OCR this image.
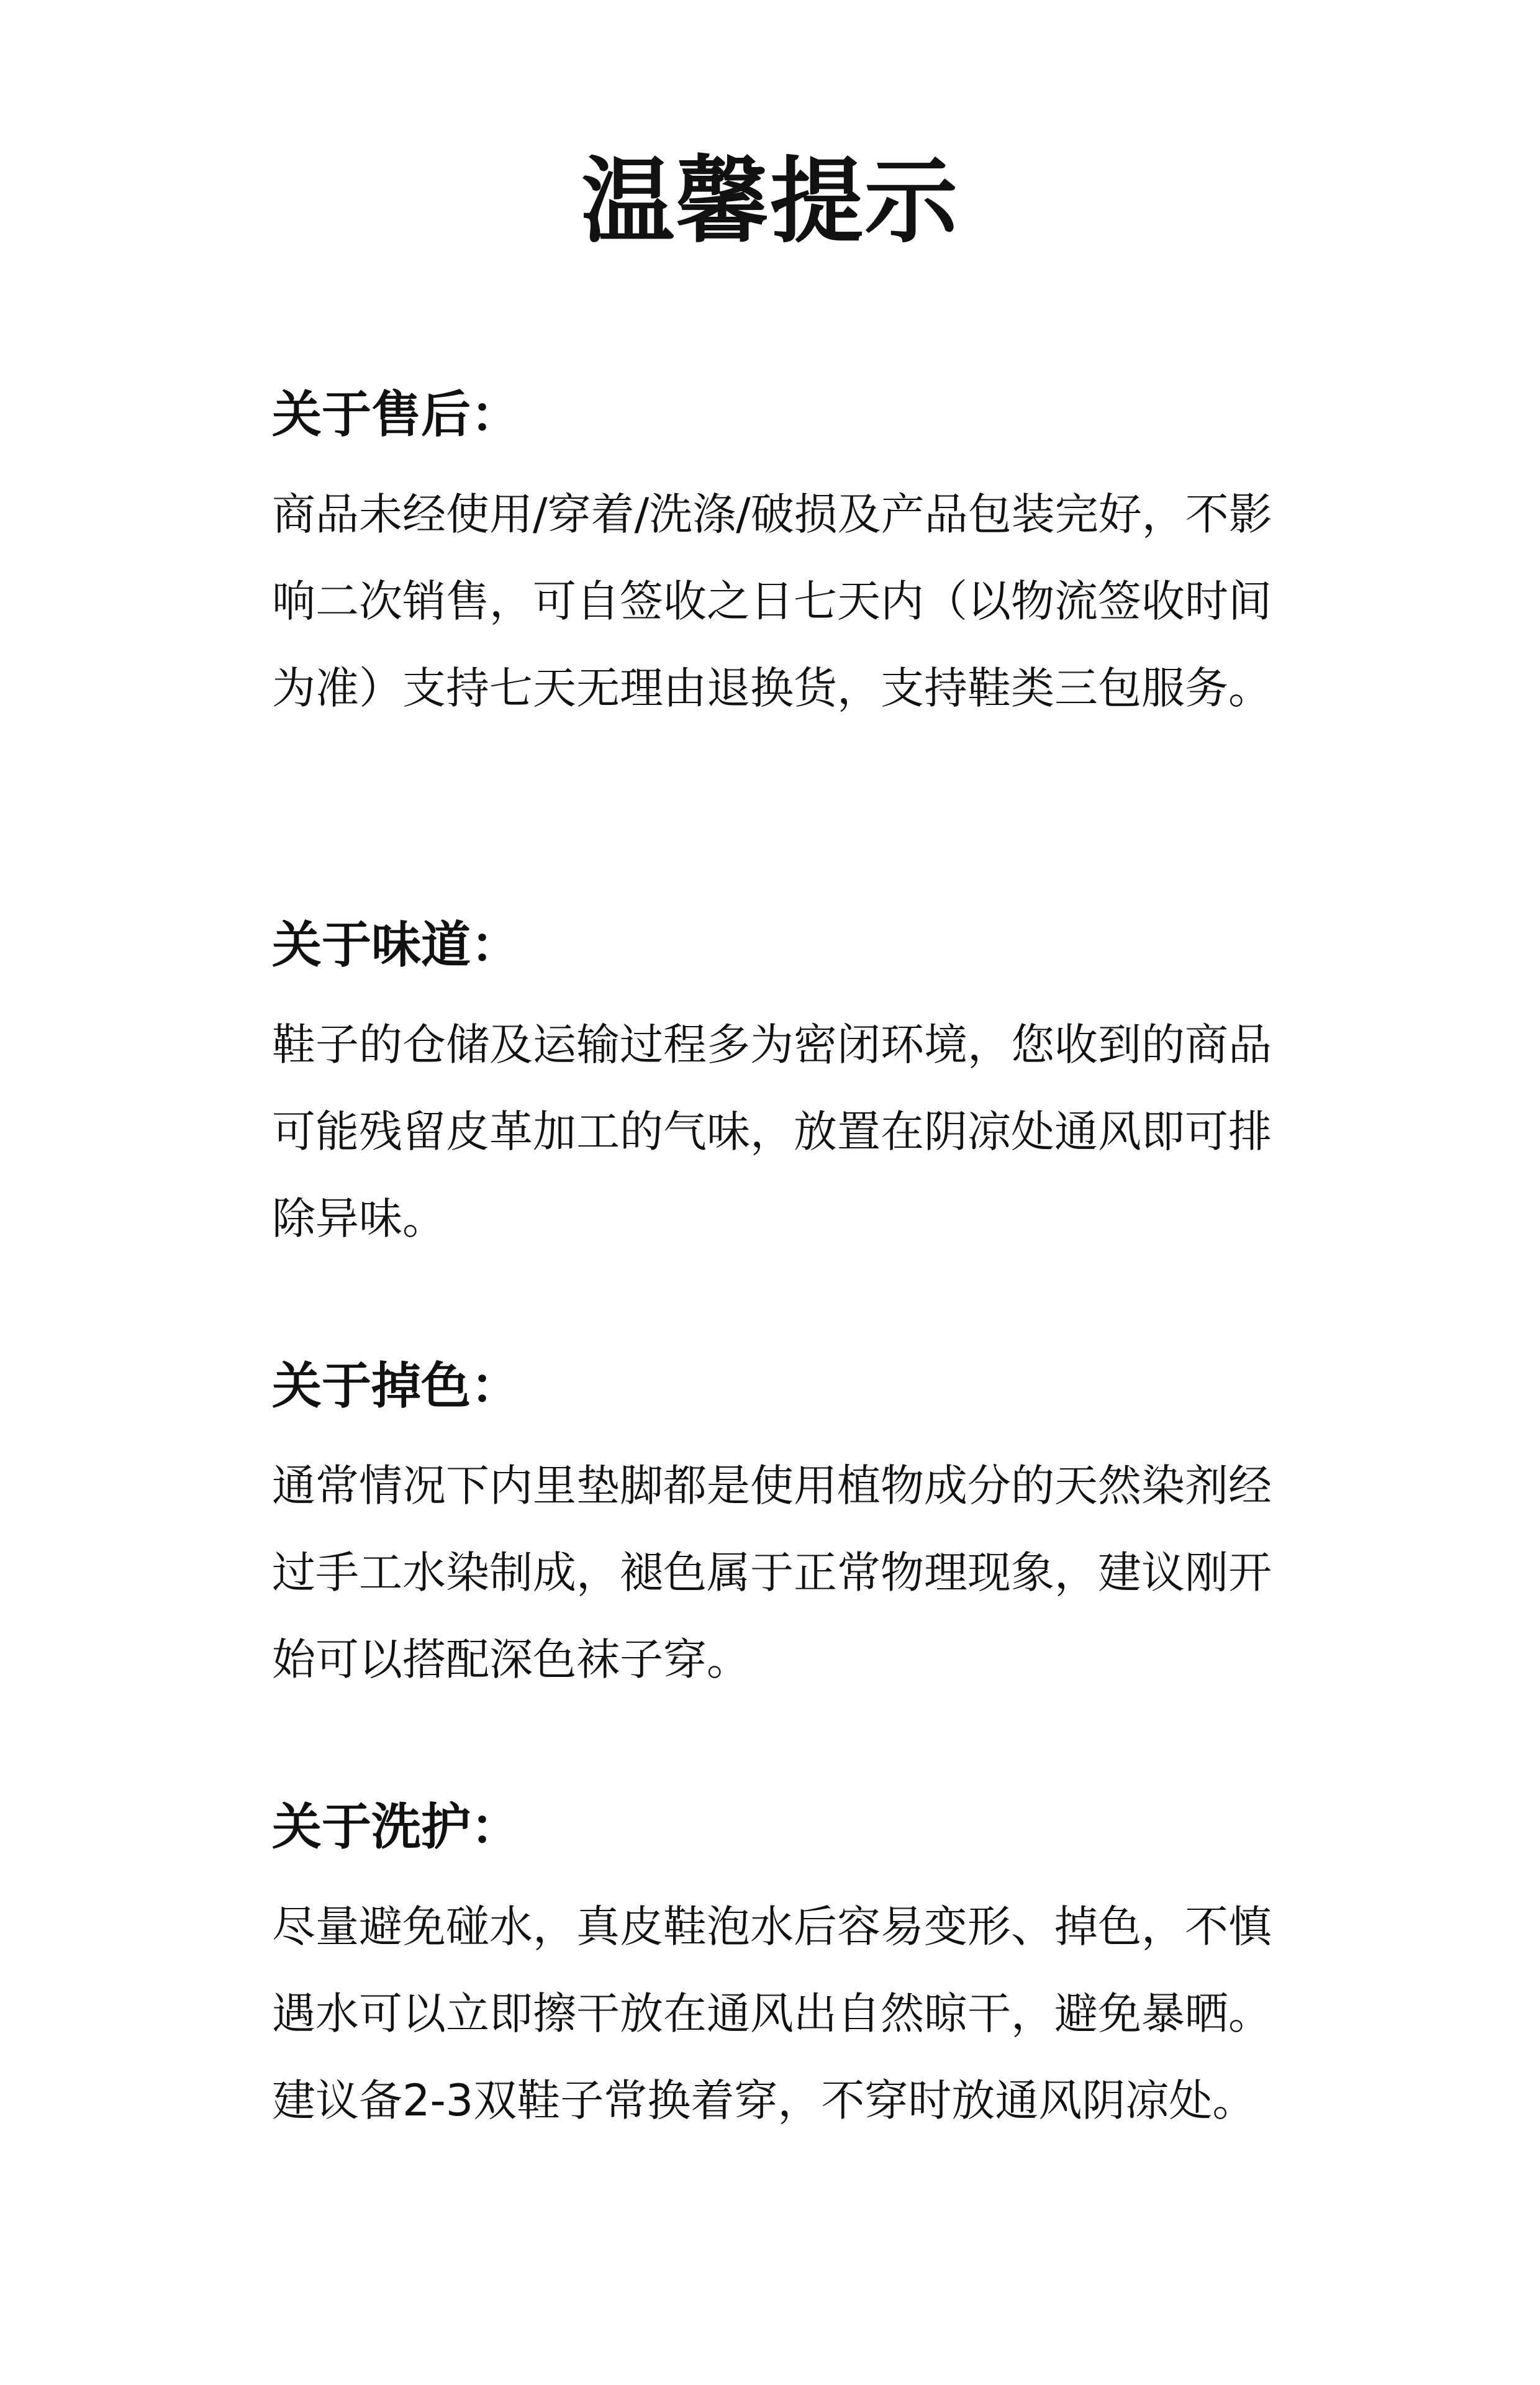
温馨提示
关于售后：
商品未经使用/穿着/洗涤/破损及产品包装完好，不影响二次销售，可自签收之日七天内（以物流签收时间为准）支持七天无理由退换货，支持鞋类三包服务。
关于味道：
鞋子的仓储及运输过程多为密闭环境，您收到的商品可能残留皮革加工的气味，放置在阴凉处通风即可排除异味。
关于掉色：
通常情况下内里垫脚都是使用植物成分的天然染剂经过手工水染制成，褪色属于正常物理现象，建议刚开始可以搭配深色袜子穿。
关于洗护：
尽量避免碰水，真皮鞋泡水后容易变形、掉色，不慎遇水可以立即擦干放在通风出自然晾干，避免暴晒。
建议备2-3双鞋子常换着穿，不穿时放通风阴凉处。
